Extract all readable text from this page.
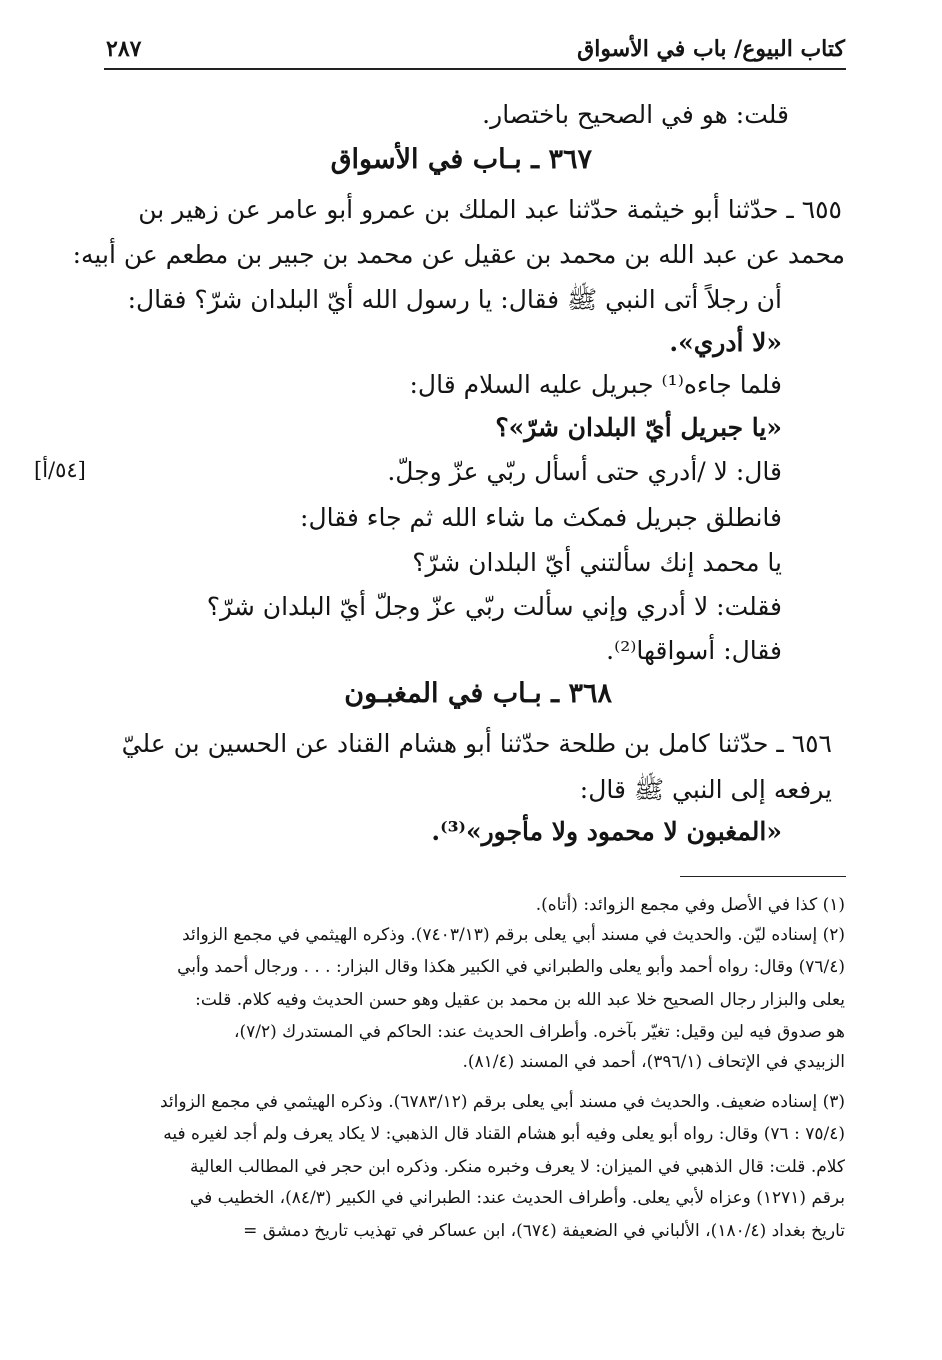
كتاب البيوع/ باب في الأسواق
٢٨٧
قلت: هو في الصحيح باختصار.
٣٦٧ ـ بـاب في الأسواق
٦٥٥ ـ حدّثنا أبو خيثمة حدّثنا عبد الملك بن عمرو أبو عامر عن زهير بن
محمد عن عبد الله بن محمد بن عقيل عن محمد بن جبير بن مطعم عن أبيه:
أن رجلاً أتى النبي ﷺ فقال: يا رسول الله أيّ البلدان شرّ؟ فقال:
«لا أدري».
فلما جاءه⁽¹⁾ جبريل عليه السلام قال:
«يا جبريل أيّ البلدان شرّ»؟
قال: لا /أدري حتى أسأل ربّي عزّ وجلّ.
[٥٤/أ]
فانطلق جبريل فمكث ما شاء الله ثم جاء فقال:
يا محمد إنك سألتني أيّ البلدان شرّ؟
فقلت: لا أدري وإني سألت ربّي عزّ وجلّ أيّ البلدان شرّ؟
فقال: أسواقها⁽²⁾.
٣٦٨ ـ بـاب في المغبـون
٦٥٦ ـ حدّثنا كامل بن طلحة حدّثنا أبو هشام القناد عن الحسين بن عليّ
يرفعه إلى النبي ﷺ قال:
«المغبون لا محمود ولا مأجور»⁽³⁾.
(١) كذا في الأصل وفي مجمع الزوائد: (أتاه).
(٢) إسناده ليّن. والحديث في مسند أبي يعلى برقم (٧٤٠٣/١٣). وذكره الهيثمي في مجمع الزوائد
(٧٦/٤) وقال: رواه أحمد وأبو يعلى والطبراني في الكبير هكذا وقال البزار: . . . ورجال أحمد وأبي
يعلى والبزار رجال الصحيح خلا عبد الله بن محمد بن عقيل وهو حسن الحديث وفيه كلام. قلت:
هو صدوق فيه لين وقيل: تغيّر بآخره. وأطراف الحديث عند: الحاكم في المستدرك (٧/٢)،
الزبيدي في الإتحاف (٣٩٦/١)، أحمد في المسند (٨١/٤).
(٣) إسناده ضعيف. والحديث في مسند أبي يعلى برقم (٦٧٨٣/١٢). وذكره الهيثمي في مجمع الزوائد
(٧٥/٤ : ٧٦) وقال: رواه أبو يعلى وفيه أبو هشام القناد قال الذهبي: لا يكاد يعرف ولم أجد لغيره فيه
كلام. قلت: قال الذهبي في الميزان: لا يعرف وخبره منكر. وذكره ابن حجر في المطالب العالية
برقم (١٢٧١) وعزاه لأبي يعلى. وأطراف الحديث عند: الطبراني في الكبير (٨٤/٣)، الخطيب في
تاريخ بغداد (١٨٠/٤)، الألباني في الضعيفة (٦٧٤)، ابن عساكر في تهذيب تاريخ دمشق =
